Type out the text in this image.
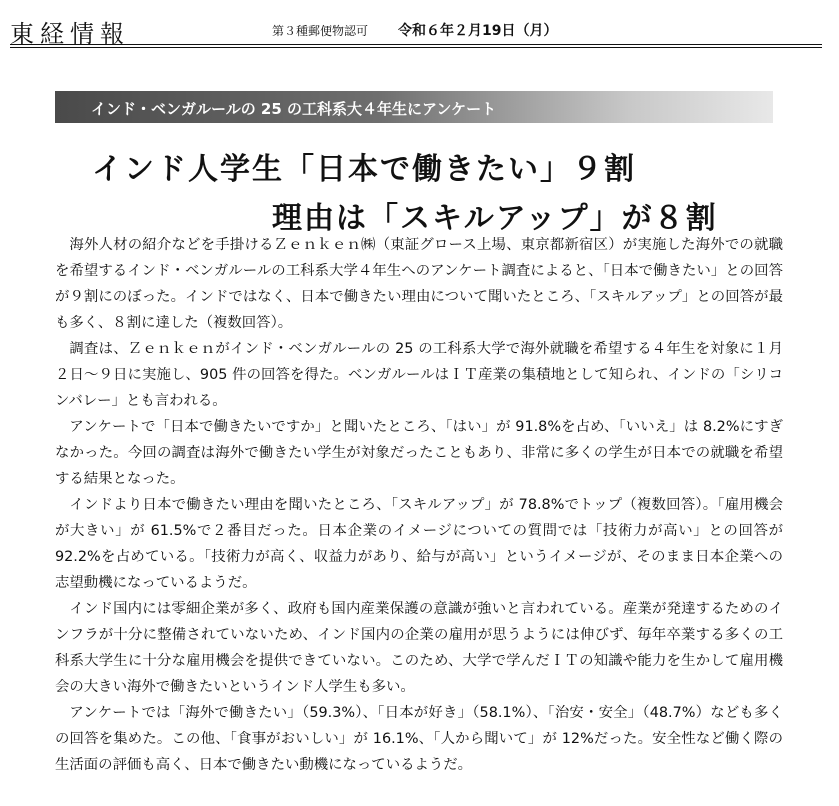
東経情報	第３種郵便物認可 令和６年２月19日（月）
インド・ベンガルールの 25 の工科系大４年生にアンケート
インド人学生「日本で働きたい」９割
理由は「スキルアップ」が８割

海外人材の紹介などを手掛けるＺｅｎｋｅｎ㈱（東証グロース上場、東京都新宿区）が実施した海外での就職を希望するインド・ベンガルールの工科系大学４年生へのアンケート調査によると、「日本で働きたい」との回答が９割にのぼった。インドではなく、日本で働きたい理由について聞いたところ、「スキルアップ」との回答が最も多く、８割に達した（複数回答）。

調査は、Ｚｅｎｋｅｎがインド・ベンガルールの 25 の工科系大学で海外就職を希望する４年生を対象に１月２日〜９日に実施し、905 件の回答を得た。ベンガルールはＩＴ産業の集積地として知られ、インドの「シリコンバレー」とも言われる。

アンケートで「日本で働きたいですか」と聞いたところ、「はい」が 91.8%を占め、「いいえ」は 8.2%にすぎなかった。今回の調査は海外で働きたい学生が対象だったこともあり、非常に多くの学生が日本での就職を希望する結果となった。

インドより日本で働きたい理由を聞いたところ、「スキルアップ」が 78.8%でトップ（複数回答）。「雇用機会が大きい」が 61.5%で２番目だった。日本企業のイメージについての質問では「技術力が高い」との回答が 92.2%を占めている。「技術力が高く、収益力があり、給与が高い」というイメージが、そのまま日本企業への志望動機になっているようだ。

インド国内には零細企業が多く、政府も国内産業保護の意識が強いと言われている。産業が発達するためのインフラが十分に整備されていないため、インド国内の企業の雇用が思うようには伸びず、毎年卒業する多くの工科系大学生に十分な雇用機会を提供できていない。このため、大学で学んだＩＴの知識や能力を生かして雇用機会の大きい海外で働きたいというインド人学生も多い。

アンケートでは「海外で働きたい」（59.3%）、「日本が好き」（58.1%）、「治安・安全」（48.7%）なども多くの回答を集めた。この他、「食事がおいしい」が 16.1%、「人から聞いて」が 12%だった。安全性など働く際の生活面の評価も高く、日本で働きたい動機になっているようだ。
